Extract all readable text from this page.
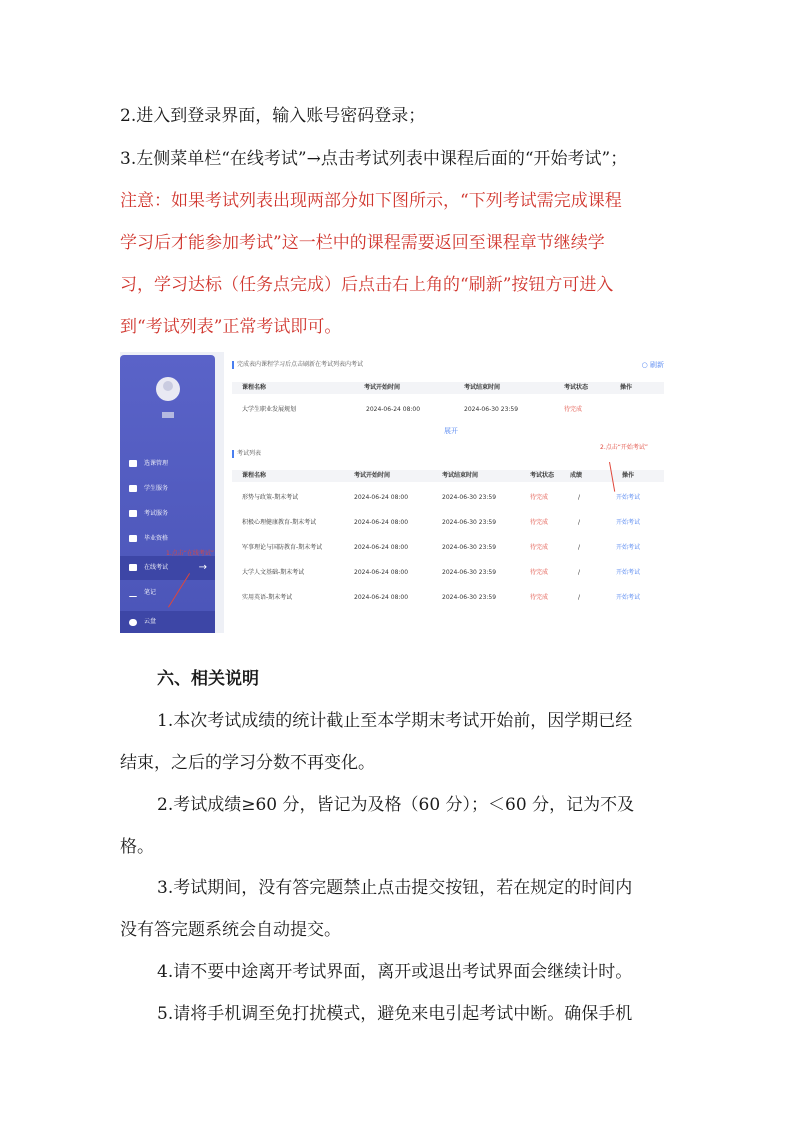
2.进入到登录界面，输入账号密码登录；
3.左侧菜单栏“在线考试”→点击考试列表中课程后面的“开始考试”；
注意：如果考试列表出现两部分如下图所示，“下列考试需完成课程
学习后才能参加考试”这一栏中的课程需要返回至课程章节继续学
习，学习达标（任务点完成）后点击右上角的“刷新”按钮方可进入
到“考试列表”正常考试即可。
选课管理
学生服务
考试服务
毕业资格
在线考试	→
笔记
云盘
完成表内课程学习后点击刷新在考试列表内考试	○ 刷新
课程名称	考试开始时间	考试结束时间	考试状态	操作
大学生职业发展规划	2024-06-24 08:00	2024-06-30 23:59	待完成
展开
考试列表
2.点击“开始考试”
课程名称	考试开始时间	考试结束时间	考试状态	成绩	操作
形势与政策-期末考试	2024-06-24 08:00	2024-06-30 23:59	待完成	/	开始考试
积极心理健康教育-期末考试	2024-06-24 08:00	2024-06-30 23:59	待完成	/	开始考试
军事理论与国防教育-期末考试	2024-06-24 08:00	2024-06-30 23:59	待完成	/	开始考试
大学人文基础-期末考试	2024-06-24 08:00	2024-06-30 23:59	待完成	/	开始考试
实用英语-期末考试	2024-06-24 08:00	2024-06-30 23:59	待完成	/	开始考试
1.点击“在线考试”
六、相关说明
1.本次考试成绩的统计截止至本学期末考试开始前，因学期已经
结束，之后的学习分数不再变化。
2.考试成绩≥60 分，皆记为及格（60 分）；＜60 分，记为不及
格。
3.考试期间，没有答完题禁止点击提交按钮，若在规定的时间内
没有答完题系统会自动提交。
4.请不要中途离开考试界面，离开或退出考试界面会继续计时。
5.请将手机调至免打扰模式，避免来电引起考试中断。确保手机
